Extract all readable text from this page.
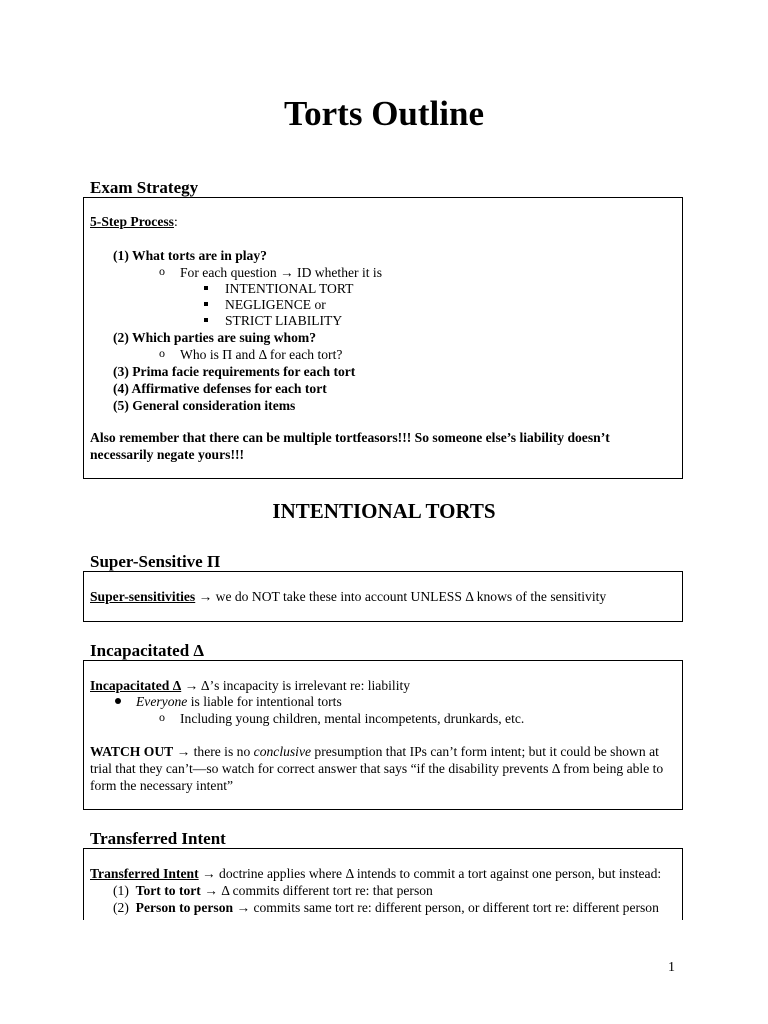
Torts Outline
Exam Strategy
5-Step Process:
(1) What torts are in play?
o For each question → ID whether it is
INTENTIONAL TORT
NEGLIGENCE or
STRICT LIABILITY
(2) Which parties are suing whom?
o Who is Π and Δ for each tort?
(3) Prima facie requirements for each tort
(4) Affirmative defenses for each tort
(5) General consideration items
Also remember that there can be multiple tortfeasors!!! So someone else’s liability doesn’t
necessarily negate yours!!!
INTENTIONAL TORTS
Super-Sensitive Π
Super-sensitivities → we do NOT take these into account UNLESS Δ knows of the sensitivity
Incapacitated Δ
Incapacitated Δ → Δ’s incapacity is irrelevant re: liability
Everyone is liable for intentional torts
o Including young children, mental incompetents, drunkards, etc.
WATCH OUT → there is no conclusive presumption that IPs can’t form intent; but it could be shown at
trial that they can’t—so watch for correct answer that says “if the disability prevents Δ from being able to
form the necessary intent”
Transferred Intent
Transferred Intent → doctrine applies where Δ intends to commit a tort against one person, but instead:
(1) Tort to tort → Δ commits different tort re: that person
(2) Person to person → commits same tort re: different person, or different tort re: different person
1
